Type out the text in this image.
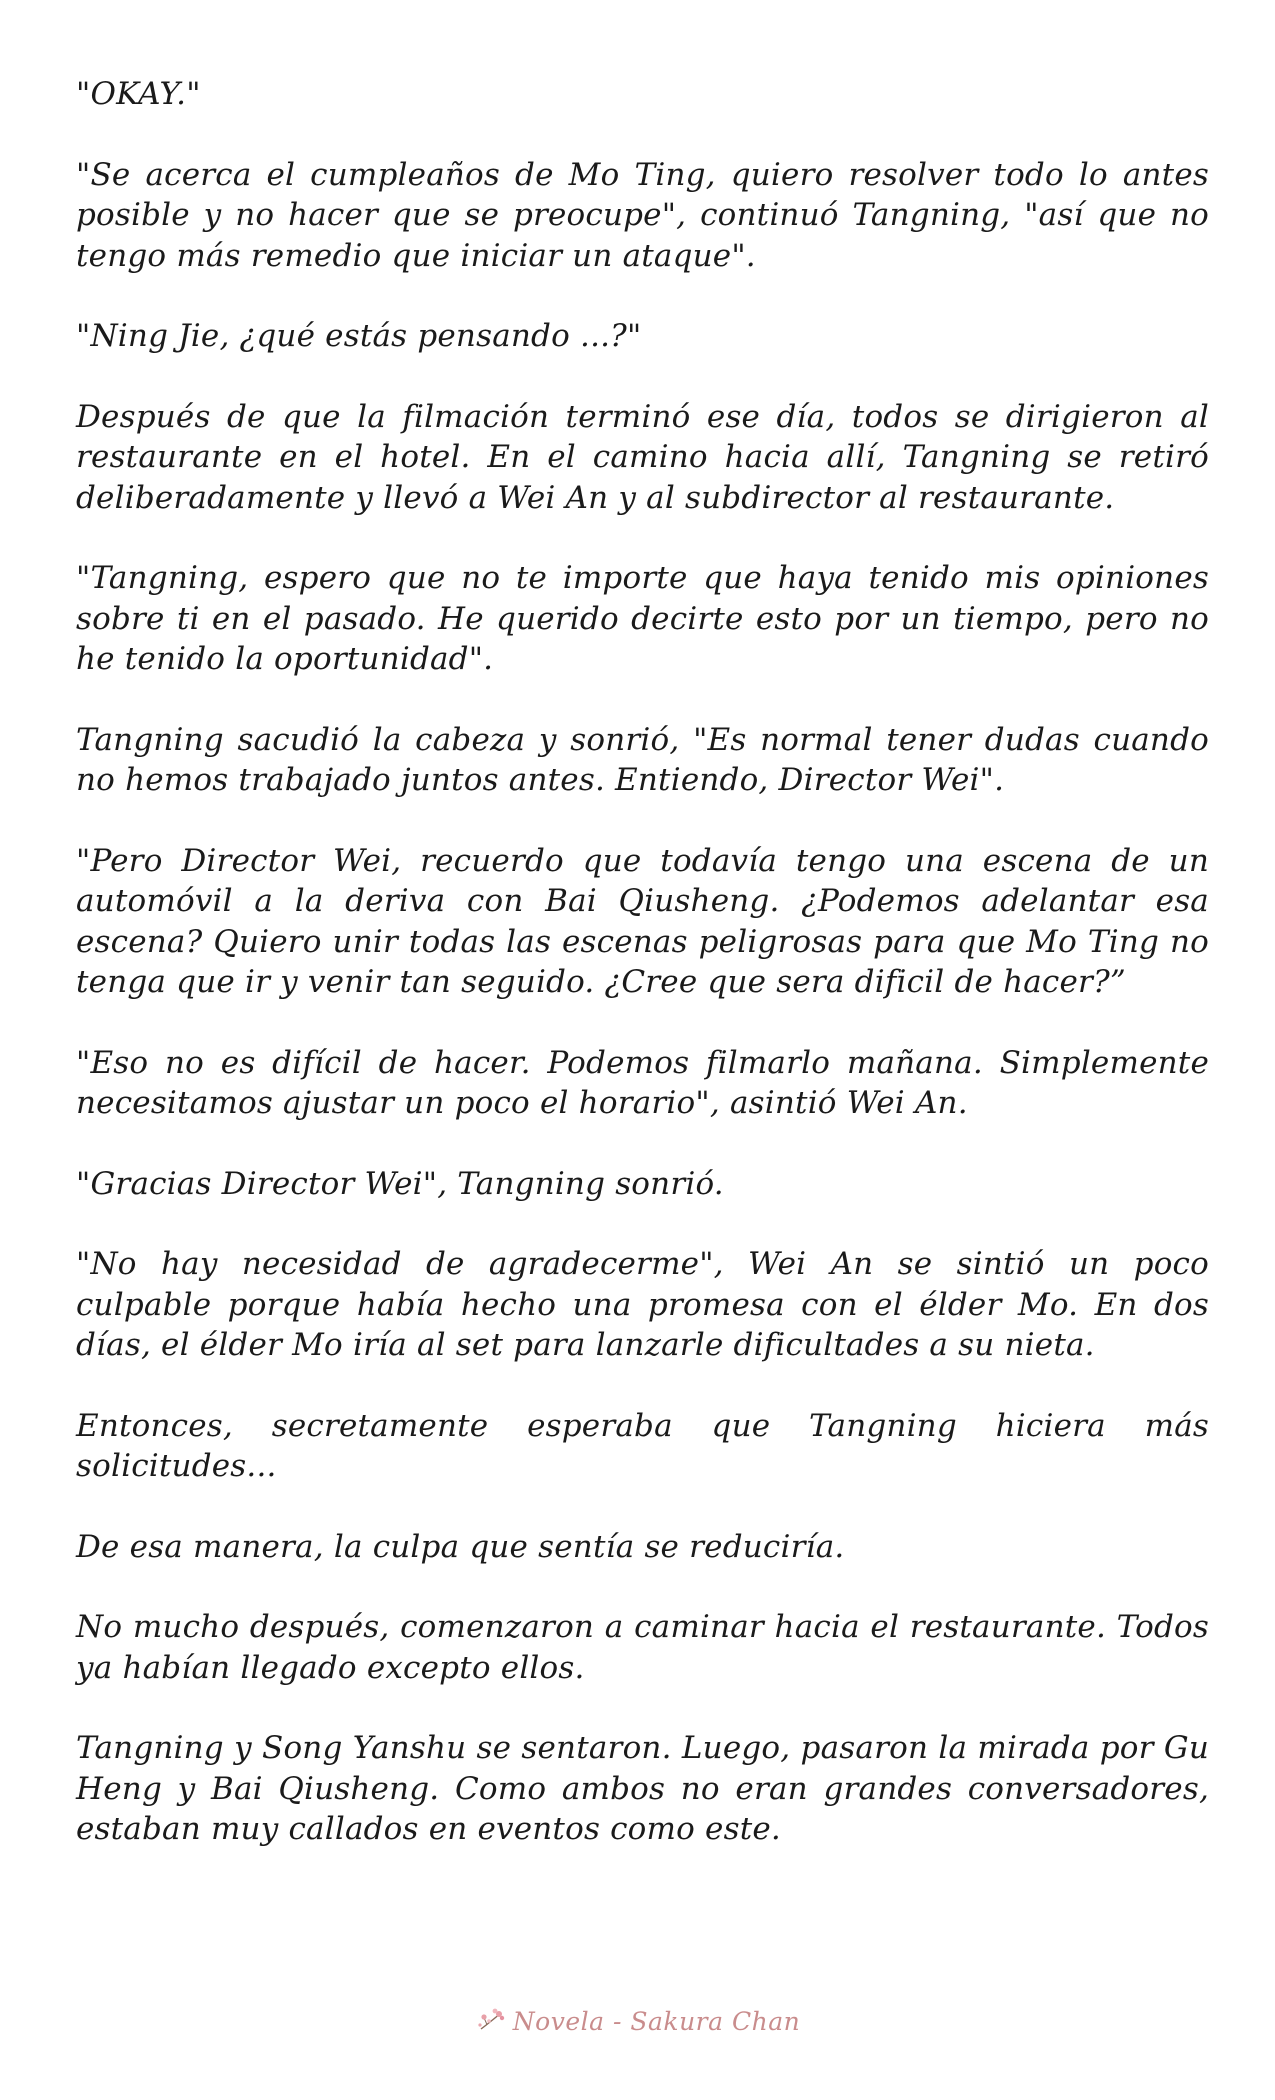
"OKAY."

"Se acerca el cumpleaños de Mo Ting, quiero resolver todo lo antes posible y no hacer que se preocupe", continuó Tangning, "así que no tengo más remedio que iniciar un ataque".

"Ning Jie, ¿qué estás pensando ...?"

Después de que la filmación terminó ese día, todos se dirigieron al restaurante en el hotel. En el camino hacia allí, Tangning se retiró deliberadamente y llevó a Wei An y al subdirector al restaurante.

"Tangning, espero que no te importe que haya tenido mis opiniones sobre ti en el pasado. He querido decirte esto por un tiempo, pero no he tenido la oportunidad".

Tangning sacudió la cabeza y sonrió, "Es normal tener dudas cuando no hemos trabajado juntos antes. Entiendo, Director Wei".

"Pero Director Wei, recuerdo que todavía tengo una escena de un automóvil a la deriva con Bai Qiusheng. ¿Podemos adelantar esa escena? Quiero unir todas las escenas peligrosas para que Mo Ting no tenga que ir y venir tan seguido. ¿Cree que sera dificil de hacer?”

"Eso no es difícil de hacer. Podemos filmarlo mañana. Simplemente necesitamos ajustar un poco el horario", asintió Wei An.

"Gracias Director Wei", Tangning sonrió.

"No hay necesidad de agradecerme", Wei An se sintió un poco culpable porque había hecho una promesa con el élder Mo. En dos días, el élder Mo iría al set para lanzarle dificultades a su nieta.

Entonces, secretamente esperaba que Tangning hiciera más solicitudes...

De esa manera, la culpa que sentía se reduciría.

No mucho después, comenzaron a caminar hacia el restaurante. Todos ya habían llegado excepto ellos.

Tangning y Song Yanshu se sentaron. Luego, pasaron la mirada por Gu Heng y Bai Qiusheng. Como ambos no eran grandes conversadores, estaban muy callados en eventos como este.

Novela - Sakura Chan
